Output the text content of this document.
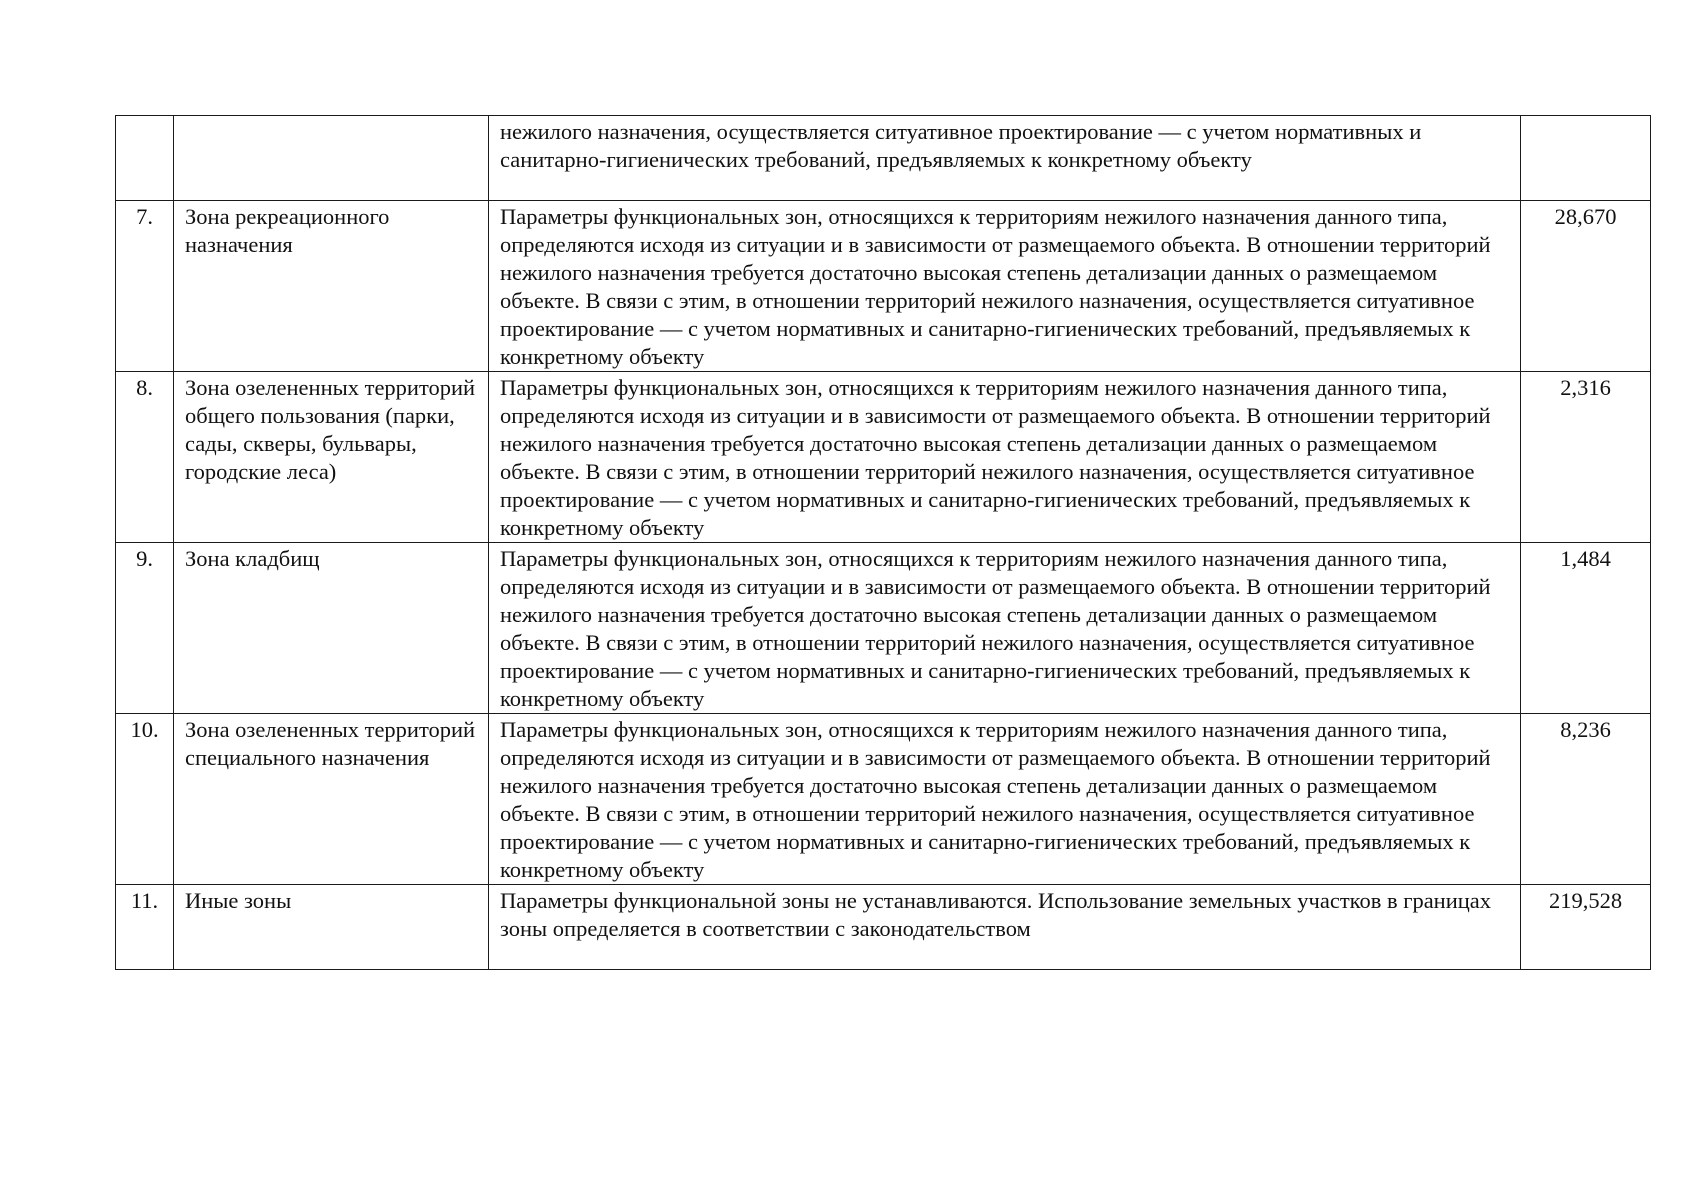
		нежилого назначения, осуществляется ситуативное проектирование — с учетом нормативных и санитарно-гигиенических требований, предъявляемых к конкретному объекту	

7.	Зона рекреационного назначения	Параметры функциональных зон, относящихся к территориям нежилого назначения данного типа, определяются исходя из ситуации и в зависимости от размещаемого объекта. В отношении территорий нежилого назначения требуется достаточно высокая степень детализации данных о размещаемом объекте. В связи с этим, в отношении территорий нежилого назначения, осуществляется ситуативное проектирование — с учетом нормативных и санитарно-гигиенических требований, предъявляемых к конкретному объекту	28,670

8.	Зона озелененных территорий общего пользования (парки, сады, скверы, бульвары, городские леса)	Параметры функциональных зон, относящихся к территориям нежилого назначения данного типа, определяются исходя из ситуации и в зависимости от размещаемого объекта. В отношении территорий нежилого назначения требуется достаточно высокая степень детализации данных о размещаемом объекте. В связи с этим, в отношении территорий нежилого назначения, осуществляется ситуативное проектирование — с учетом нормативных и санитарно-гигиенических требований, предъявляемых к конкретному объекту	2,316

9.	Зона кладбищ	Параметры функциональных зон, относящихся к территориям нежилого назначения данного типа, определяются исходя из ситуации и в зависимости от размещаемого объекта. В отношении территорий нежилого назначения требуется достаточно высокая степень детализации данных о размещаемом объекте. В связи с этим, в отношении территорий нежилого назначения, осуществляется ситуативное проектирование — с учетом нормативных и санитарно-гигиенических требований, предъявляемых к конкретному объекту	1,484

10.	Зона озелененных территорий специального назначения	Параметры функциональных зон, относящихся к территориям нежилого назначения данного типа, определяются исходя из ситуации и в зависимости от размещаемого объекта. В отношении территорий нежилого назначения требуется достаточно высокая степень детализации данных о размещаемом объекте. В связи с этим, в отношении территорий нежилого назначения, осуществляется ситуативное проектирование — с учетом нормативных и санитарно-гигиенических требований, предъявляемых к конкретному объекту	8,236

11.	Иные зоны	Параметры функциональной зоны не устанавливаются. Использование земельных участков в границах зоны определяется в соответствии с законодательством	219,528
